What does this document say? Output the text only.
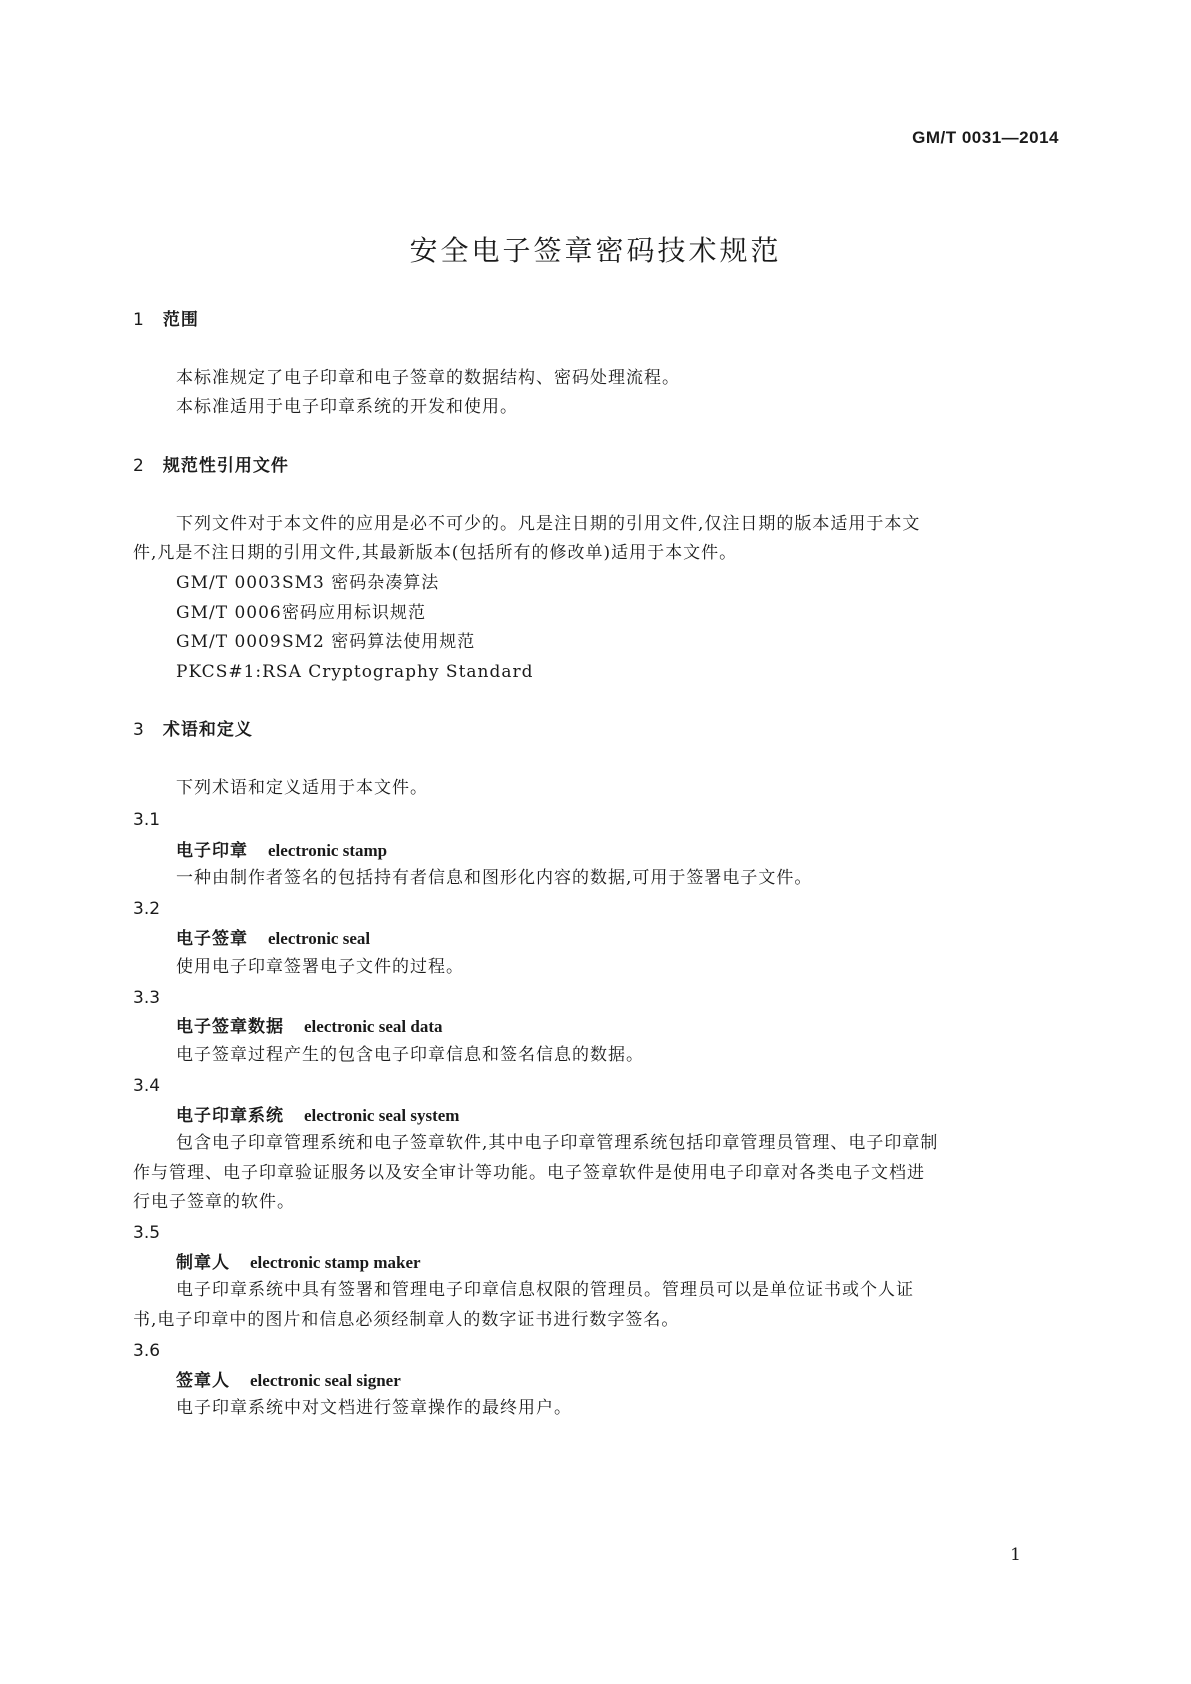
GM/T 0031—2014
安全电子签章密码技术规范
1 范围
本标准规定了电子印章和电子签章的数据结构、密码处理流程。
本标准适用于电子印章系统的开发和使用。
2 规范性引用文件
下列文件对于本文件的应用是必不可少的。凡是注日期的引用文件,仅注日期的版本适用于本文
件,凡是不注日期的引用文件,其最新版本(包括所有的修改单)适用于本文件。
GM/T 0003SM3 密码杂凑算法
GM/T 0006密码应用标识规范
GM/T 0009SM2 密码算法使用规范
PKCS#1:RSA Cryptography Standard
3 术语和定义
下列术语和定义适用于本文件。
3.1
电子印章 electronic stamp
一种由制作者签名的包括持有者信息和图形化内容的数据,可用于签署电子文件。
3.2
电子签章 electronic seal
使用电子印章签署电子文件的过程。
3.3
电子签章数据 electronic seal data
电子签章过程产生的包含电子印章信息和签名信息的数据。
3.4
电子印章系统 electronic seal system
包含电子印章管理系统和电子签章软件,其中电子印章管理系统包括印章管理员管理、电子印章制
作与管理、电子印章验证服务以及安全审计等功能。电子签章软件是使用电子印章对各类电子文档进
行电子签章的软件。
3.5
制章人 electronic stamp maker
电子印章系统中具有签署和管理电子印章信息权限的管理员。管理员可以是单位证书或个人证
书,电子印章中的图片和信息必须经制章人的数字证书进行数字签名。
3.6
签章人 electronic seal signer
电子印章系统中对文档进行签章操作的最终用户。
1
